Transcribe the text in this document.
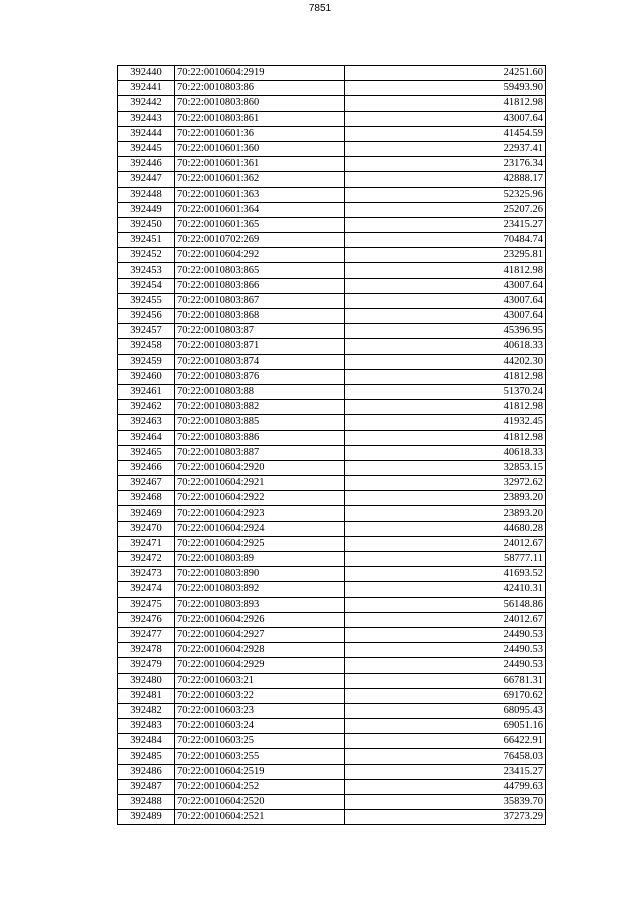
7851
392440	70:22:0010604:2919	24251.60
392441	70:22:0010803:86	59493.90
392442	70:22:0010803:860	41812.98
392443	70:22:0010803:861	43007.64
392444	70:22:0010601:36	41454.59
392445	70:22:0010601:360	22937.41
392446	70:22:0010601:361	23176.34
392447	70:22:0010601:362	42888.17
392448	70:22:0010601:363	52325.96
392449	70:22:0010601:364	25207.26
392450	70:22:0010601:365	23415.27
392451	70:22:0010702:269	70484.74
392452	70:22:0010604:292	23295.81
392453	70:22:0010803:865	41812.98
392454	70:22:0010803:866	43007.64
392455	70:22:0010803:867	43007.64
392456	70:22:0010803:868	43007.64
392457	70:22:0010803:87	45396.95
392458	70:22:0010803:871	40618.33
392459	70:22:0010803:874	44202.30
392460	70:22:0010803:876	41812.98
392461	70:22:0010803:88	51370.24
392462	70:22:0010803:882	41812.98
392463	70:22:0010803:885	41932.45
392464	70:22:0010803:886	41812.98
392465	70:22:0010803:887	40618.33
392466	70:22:0010604:2920	32853.15
392467	70:22:0010604:2921	32972.62
392468	70:22:0010604:2922	23893.20
392469	70:22:0010604:2923	23893.20
392470	70:22:0010604:2924	44680.28
392471	70:22:0010604:2925	24012.67
392472	70:22:0010803:89	58777.11
392473	70:22:0010803:890	41693.52
392474	70:22:0010803:892	42410.31
392475	70:22:0010803:893	56148.86
392476	70:22:0010604:2926	24012.67
392477	70:22:0010604:2927	24490.53
392478	70:22:0010604:2928	24490.53
392479	70:22:0010604:2929	24490.53
392480	70:22:0010603:21	66781.31
392481	70:22:0010603:22	69170.62
392482	70:22:0010603:23	68095.43
392483	70:22:0010603:24	69051.16
392484	70:22:0010603:25	66422.91
392485	70:22:0010603:255	76458.03
392486	70:22:0010604:2519	23415.27
392487	70:22:0010604:252	44799.63
392488	70:22:0010604:2520	35839.70
392489	70:22:0010604:2521	37273.29
